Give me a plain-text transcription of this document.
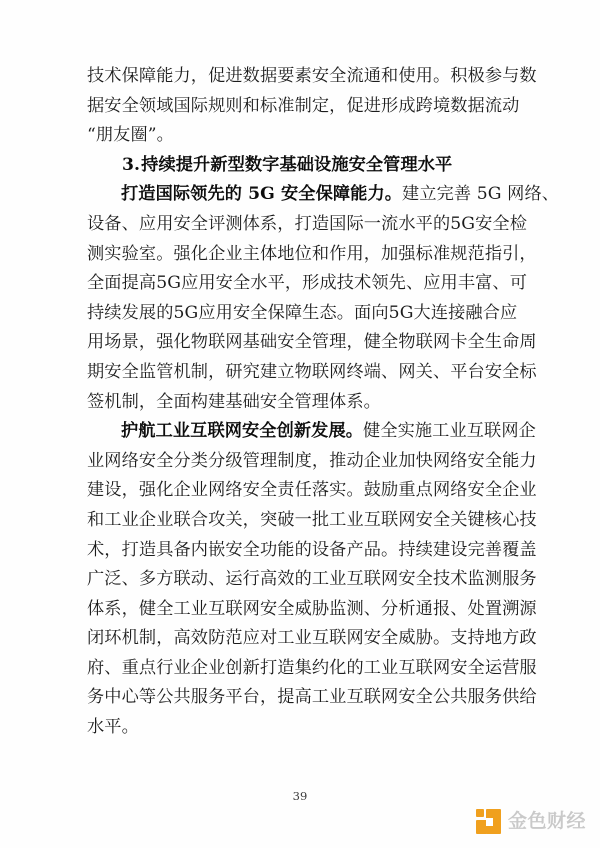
技 术 保 障 能 力 ， 促 进 数 据 要 素 安 全 流 通 和 使 用 。 积 极 参 与 数
据 安 全 领 域 国 际 规 则 和 标 准 制 定 ， 促 进 形 成 跨 境 数 据 流 动
“朋友圈”。
3.持续提升新型数字基础设施安全管理水平
打造国际领先的 5G 安全保障能力。建立完善 5G 网络、
设 备 、 应 用 安 全 评 测 体 系 ， 打 造 国 际 一 流 水 平 的 5 G 安 全 检
测 实 验 室 。 强 化 企 业 主 体 地 位 和 作 用 ， 加 强 标 准 规 范 指 引 ，
全 面 提 高 5 G 应 用 安 全 水 平 ， 形 成 技 术 领 先 、 应 用 丰 富 、 可
持 续 发 展 的 5 G 应 用 安 全 保 障 生 态 。 面 向 5 G 大 连 接 融 合 应
用 场 景 ， 强 化 物 联 网 基 础 安 全 管 理 ， 健 全 物 联 网 卡 全 生 命 周
期 安 全 监 管 机 制 ， 研 究 建 立 物 联 网 终 端 、 网 关 、 平 台 安 全 标
签机制，全面构建基础安全管理体系。
护航工业互联网安全创新发展。健全实施工业互联网企
业 网 络 安 全 分 类 分 级 管 理 制 度 ， 推 动 企 业 加 快 网 络 安 全 能 力
建 设 ， 强 化 企 业 网 络 安 全 责 任 落 实 。 鼓 励 重 点 网 络 安 全 企 业
和 工 业 企 业 联 合 攻 关 ， 突 破 一 批 工 业 互 联 网 安 全 关 键 核 心 技
术 ， 打 造 具 备 内 嵌 安 全 功 能 的 设 备 产 品 。 持 续 建 设 完 善 覆 盖
广 泛 、 多 方 联 动 、 运 行 高 效 的 工 业 互 联 网 安 全 技 术 监 测 服 务
体 系 ， 健 全 工 业 互 联 网 安 全 威 胁 监 测 、 分 析 通 报 、 处 置 溯 源
闭 环 机 制 ， 高 效 防 范 应 对 工 业 互 联 网 安 全 威 胁 。 支 持 地 方 政
府 、 重 点 行 业 企 业 创 新 打 造 集 约 化 的 工 业 互 联 网 安 全 运 营 服
务 中 心 等 公 共 服 务 平 台 ， 提 高 工 业 互 联 网 安 全 公 共 服 务 供 给
水平。
39
金色财经
